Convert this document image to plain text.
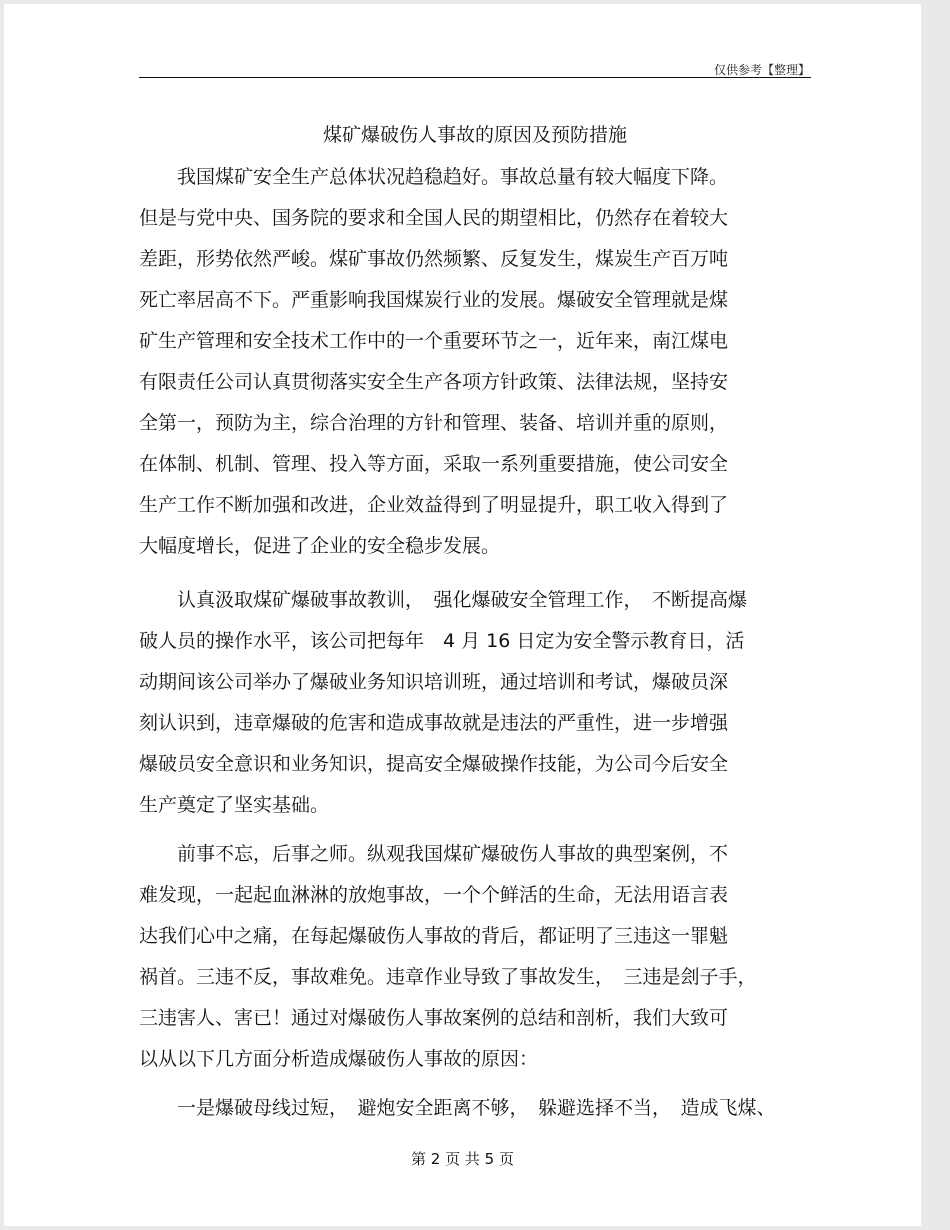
仅供参考【整理】
煤矿爆破伤人事故的原因及预防措施
　　我国煤矿安全生产总体状况趋稳趋好。事故总量有较大幅度下降。
但是与党中央、国务院的要求和全国人民的期望相比，仍然存在着较大
差距，形势依然严峻。煤矿事故仍然频繁、反复发生，煤炭生产百万吨
死亡率居高不下。严重影响我国煤炭行业的发展。爆破安全管理就是煤
矿生产管理和安全技术工作中的一个重要环节之一，近年来，南江煤电
有限责任公司认真贯彻落实安全生产各项方针政策、法律法规，坚持安
全第一，预防为主，综合治理的方针和管理、装备、培训并重的原则，
在体制、机制、管理、投入等方面，采取一系列重要措施，使公司安全
生产工作不断加强和改进，企业效益得到了明显提升，职工收入得到了
大幅度增长，促进了企业的安全稳步发展。
　　认真汲取煤矿爆破事故教训，　强化爆破安全管理工作，　不断提高爆
破人员的操作水平，该公司把每年　4 月 16 日定为安全警示教育日，活
动期间该公司举办了爆破业务知识培训班，通过培训和考试，爆破员深
刻认识到，违章爆破的危害和造成事故就是违法的严重性，进一步增强
爆破员安全意识和业务知识，提高安全爆破操作技能，为公司今后安全
生产奠定了坚实基础。
　　前事不忘，后事之师。纵观我国煤矿爆破伤人事故的典型案例，不
难发现，一起起血淋淋的放炮事故，一个个鲜活的生命，无法用语言表
达我们心中之痛，在每起爆破伤人事故的背后，都证明了三违这一罪魁
祸首。三违不反，事故难免。违章作业导致了事故发生，　三违是刽子手，
三违害人、害已！通过对爆破伤人事故案例的总结和剖析，我们大致可
以从以下几方面分析造成爆破伤人事故的原因：
　　一是爆破母线过短，　避炮安全距离不够，　躲避选择不当，　造成飞煤、
第 2 页 共 5 页
